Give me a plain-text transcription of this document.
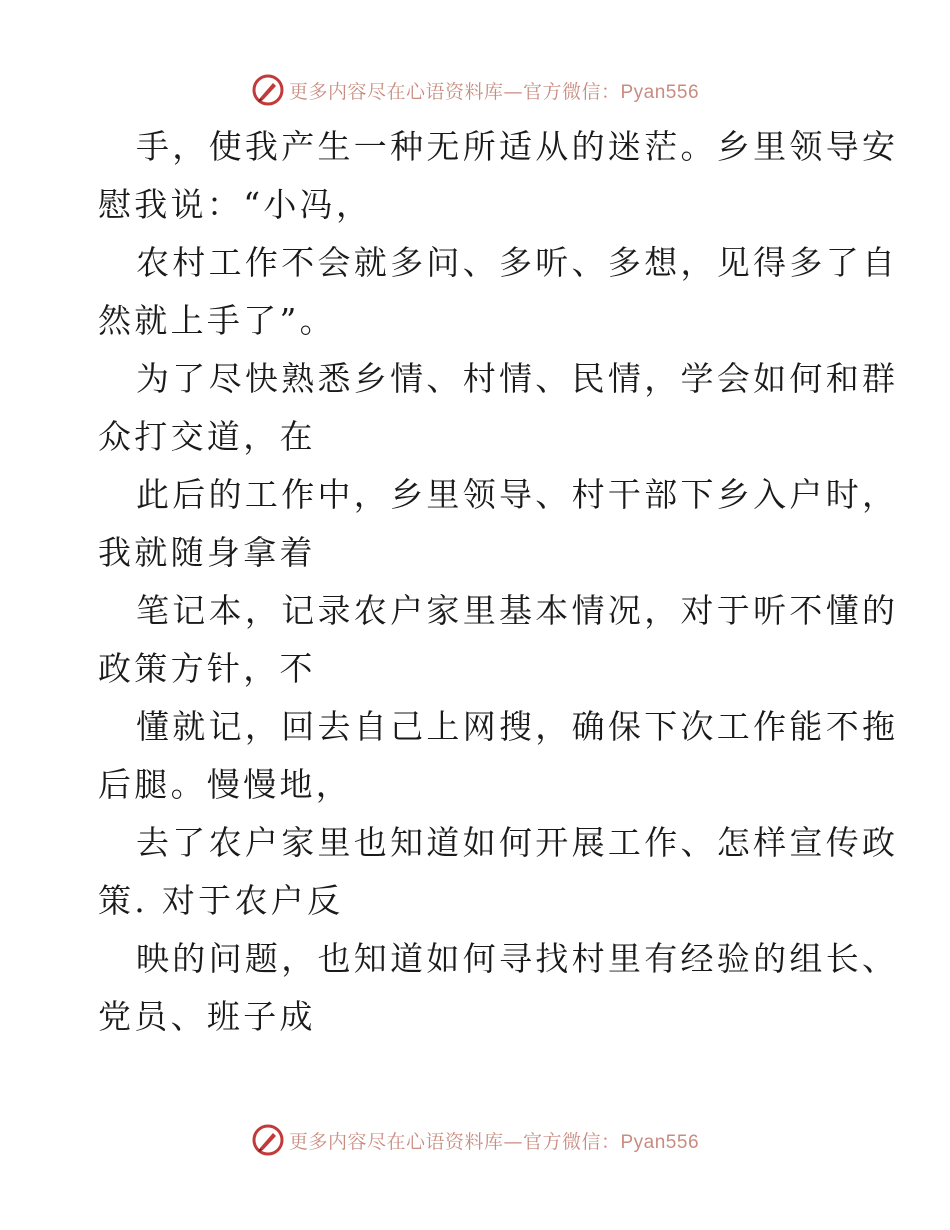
更多内容尽在心语资料库—官方微信：Pyan556
手，使我产生一种无所适从的迷茫。乡里领导安
慰我说：“小冯，
农村工作不会就多问、多听、多想，见得多了自
然就上手了”。
为了尽快熟悉乡情、村情、民情，学会如何和群
众打交道，在
此后的工作中，乡里领导、村干部下乡入户时，
我就随身拿着
笔记本，记录农户家里基本情况，对于听不懂的
政策方针，不
懂就记，回去自己上网搜，确保下次工作能不拖
后腿。慢慢地，
去了农户家里也知道如何开展工作、怎样宣传政
策. 对于农户反
映的问题，也知道如何寻找村里有经验的组长、
党员、班子成
更多内容尽在心语资料库—官方微信：Pyan556
